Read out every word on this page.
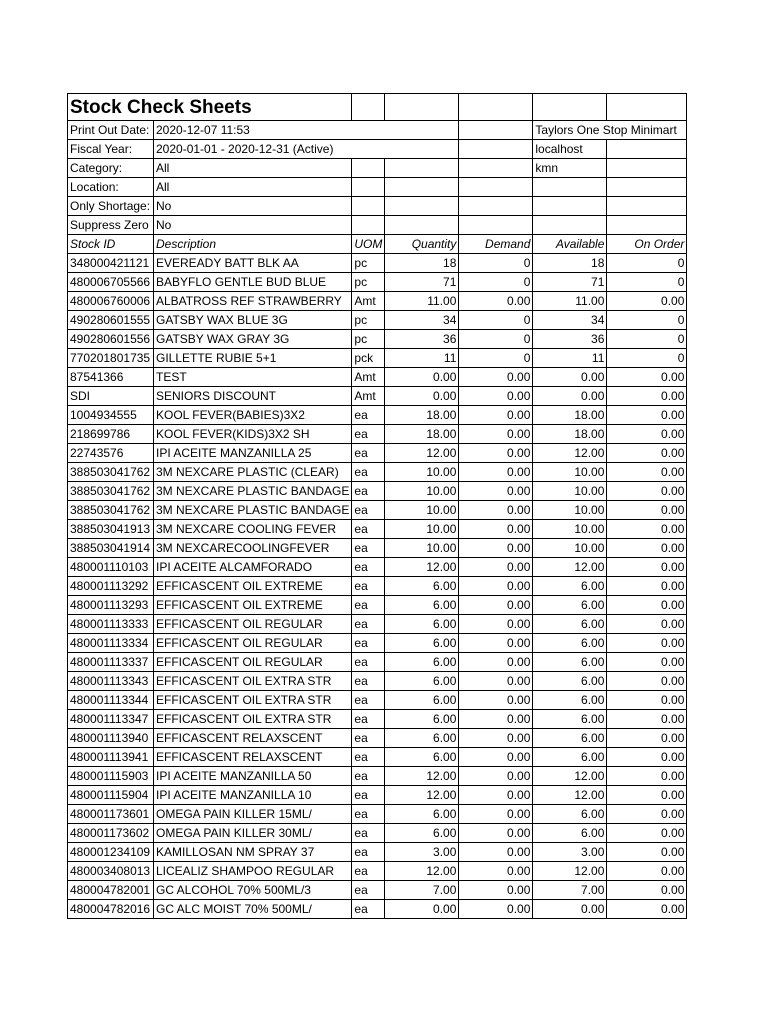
Stock Check Sheets						
Print Out Date:	2020-12-07 11:53				Taylors One Stop Minimart	
Fiscal Year:	2020-01-01 - 2020-12-31 (Active)				localhost	
Category:	All				kmn	
Location:	All					
Only Shortage:	No					
Suppress Zero	No					
Stock ID	Description	UOM	Quantity	Demand	Available	On Order
348000421121	EVEREADY BATT BLK AA	pc	18	0	18	0
480006705566	BABYFLO GENTLE BUD BLUE	pc	71	0	71	0
480006760006	ALBATROSS REF STRAWBERRY	Amt	11.00	0.00	11.00	0.00
490280601555	GATSBY WAX BLUE 3G	pc	34	0	34	0
490280601556	GATSBY WAX GRAY 3G	pc	36	0	36	0
770201801735	GILLETTE RUBIE 5+1	pck	11	0	11	0
87541366	TEST	Amt	0.00	0.00	0.00	0.00
SDI	SENIORS DISCOUNT	Amt	0.00	0.00	0.00	0.00
1004934555	KOOL FEVER(BABIES)3X2	ea	18.00	0.00	18.00	0.00
218699786	KOOL FEVER(KIDS)3X2 SH	ea	18.00	0.00	18.00	0.00
22743576	IPI ACEITE MANZANILLA 25	ea	12.00	0.00	12.00	0.00
388503041762	3M NEXCARE PLASTIC (CLEAR)	ea	10.00	0.00	10.00	0.00
388503041762	3M NEXCARE PLASTIC BANDAGE	ea	10.00	0.00	10.00	0.00
388503041762	3M NEXCARE PLASTIC BANDAGE	ea	10.00	0.00	10.00	0.00
388503041913	3M NEXCARE COOLING FEVER	ea	10.00	0.00	10.00	0.00
388503041914	3M NEXCARECOOLINGFEVER	ea	10.00	0.00	10.00	0.00
480001110103	IPI ACEITE ALCAMFORADO	ea	12.00	0.00	12.00	0.00
480001113292	EFFICASCENT OIL EXTREME	ea	6.00	0.00	6.00	0.00
480001113293	EFFICASCENT OIL EXTREME	ea	6.00	0.00	6.00	0.00
480001113333	EFFICASCENT OIL REGULAR	ea	6.00	0.00	6.00	0.00
480001113334	EFFICASCENT OIL REGULAR	ea	6.00	0.00	6.00	0.00
480001113337	EFFICASCENT OIL REGULAR	ea	6.00	0.00	6.00	0.00
480001113343	EFFICASCENT OIL EXTRA STR	ea	6.00	0.00	6.00	0.00
480001113344	EFFICASCENT OIL EXTRA STR	ea	6.00	0.00	6.00	0.00
480001113347	EFFICASCENT OIL EXTRA STR	ea	6.00	0.00	6.00	0.00
480001113940	EFFICASCENT RELAXSCENT	ea	6.00	0.00	6.00	0.00
480001113941	EFFICASCENT RELAXSCENT	ea	6.00	0.00	6.00	0.00
480001115903	IPI ACEITE MANZANILLA 50	ea	12.00	0.00	12.00	0.00
480001115904	IPI ACEITE MANZANILLA 10	ea	12.00	0.00	12.00	0.00
480001173601	OMEGA PAIN KILLER 15ML/	ea	6.00	0.00	6.00	0.00
480001173602	OMEGA PAIN KILLER 30ML/	ea	6.00	0.00	6.00	0.00
480001234109	KAMILLOSAN NM SPRAY 37	ea	3.00	0.00	3.00	0.00
480003408013	LICEALIZ SHAMPOO REGULAR	ea	12.00	0.00	12.00	0.00
480004782001	GC ALCOHOL 70% 500ML/3	ea	7.00	0.00	7.00	0.00
480004782016	GC ALC MOIST 70% 500ML/	ea	0.00	0.00	0.00	0.00
